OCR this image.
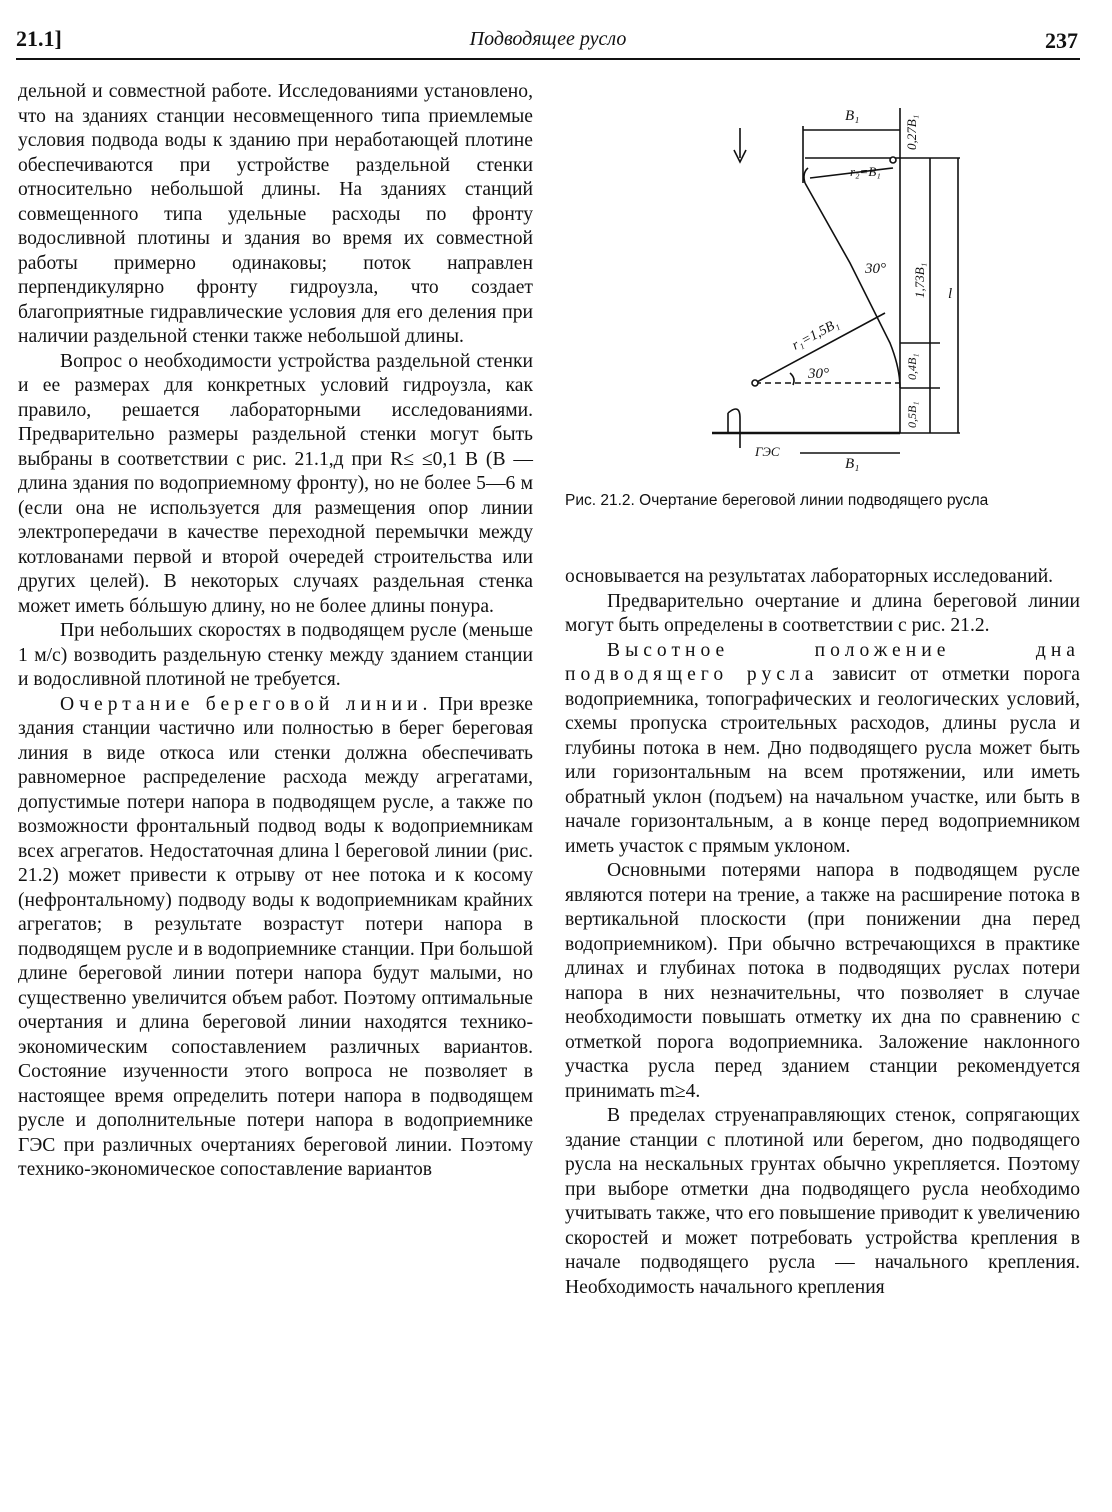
21.1]	Подводящее русло	237

дельной и совместной работе. Исследованиями установлено, что на зданиях станции несовмещенного типа приемлемые условия подвода воды к зданию при неработающей плотине обеспечиваются при устройстве раздельной стенки относительно небольшой длины. На зданиях станций совмещенного типа удельные расходы по фронту водосливной плотины и здания во время их совместной работы примерно одинаковы; поток направлен перпендикулярно фронту гидроузла, что создает благоприятные гидравлические условия для его деления при наличии раздельной стенки также небольшой длины.

Вопрос о необходимости устройства раздельной стенки и ее размерах для конкретных условий гидроузла, как правило, решается лабораторными исследованиями. Предварительно размеры раздельной стенки могут быть выбраны в соответствии с рис. 21.1,д при R≤ ≤0,1 B (B — длина здания по водоприемному фронту), но не более 5—6 м (если она не используется для размещения опор линии электропередачи в качестве переходной перемычки между котлованами первой и второй очередей строительства или других целей). В некоторых случаях раздельная стенка может иметь бóльшую длину, но не более длины понура.

При небольших скоростях в подводящем русле (меньше 1 м/с) возводить раздельную стенку между зданием станции и водосливной плотиной не требуется.

Очертание береговой линии. При врезке здания станции частично или полностью в берег береговая линия в виде откоса или стенки должна обеспечивать равномерное распределение расхода между агрегатами, допустимые потери напора в подводящем русле, а также по возможности фронтальный подвод воды к водоприемникам всех агрегатов. Недостаточная длина l береговой линии (рис. 21.2) может привести к отрыву от нее потока и к косому (нефронтальному) подводу воды к водоприемникам крайних агрегатов; в результате возрастут потери напора в подводящем русле и в водоприемнике станции. При большой длине береговой линии потери напора будут малыми, но существенно увеличится объем работ. Поэтому оптимальные очертания и длина береговой линии находятся технико-экономическим сопоставлением различных вариантов. Состояние изученности этого вопроса не позволяет в настоящее время определить потери напора в подводящем русле и дополнительные потери напора в водоприемнике ГЭС при различных очертаниях береговой линии. Поэтому технико-экономическое сопоставление вариантов

B₁	0,27B₁
r₂=B₁
30° 1,73B₁ l
r₁=1,5B₁
30°	0,4B₁
0,5B₁
ГЭС
B₁
Рис. 21.2. Очертание береговой линии подводящего русла

основывается на результатах лабораторных исследований.

Предварительно очертание и длина береговой линии могут быть определены в соответствии с рис. 21.2.

Высотное положение дна подводящего русла зависит от отметки порога водоприемника, топографических и геологических условий, схемы пропуска строительных расходов, длины русла и глубины потока в нем. Дно подводящего русла может быть или горизонтальным на всем протяжении, или иметь обратный уклон (подъем) на начальном участке, или быть в начале горизонтальным, а в конце перед водоприемником иметь участок с прямым уклоном.

Основными потерями напора в подводящем русле являются потери на трение, а также на расширение потока в вертикальной плоскости (при понижении дна перед водоприемником). При обычно встречающихся в практике длинах и глубинах потока в подводящих руслах потери напора в них незначительны, что позволяет в случае необходимости повышать отметку их дна по сравнению с отметкой порога водоприемника. Заложение наклонного участка русла перед зданием станции рекомендуется принимать m≥4.

В пределах струенаправляющих стенок, сопрягающих здание станции с плотиной или берегом, дно подводящего русла на нескальных грунтах обычно укрепляется. Поэтому при выборе отметки дна подводящего русла необходимо учитывать также, что его повышение приводит к увеличению скоростей и может потребовать устройства крепления в начале подводящего русла — начального крепления. Необходимость начального крепления
